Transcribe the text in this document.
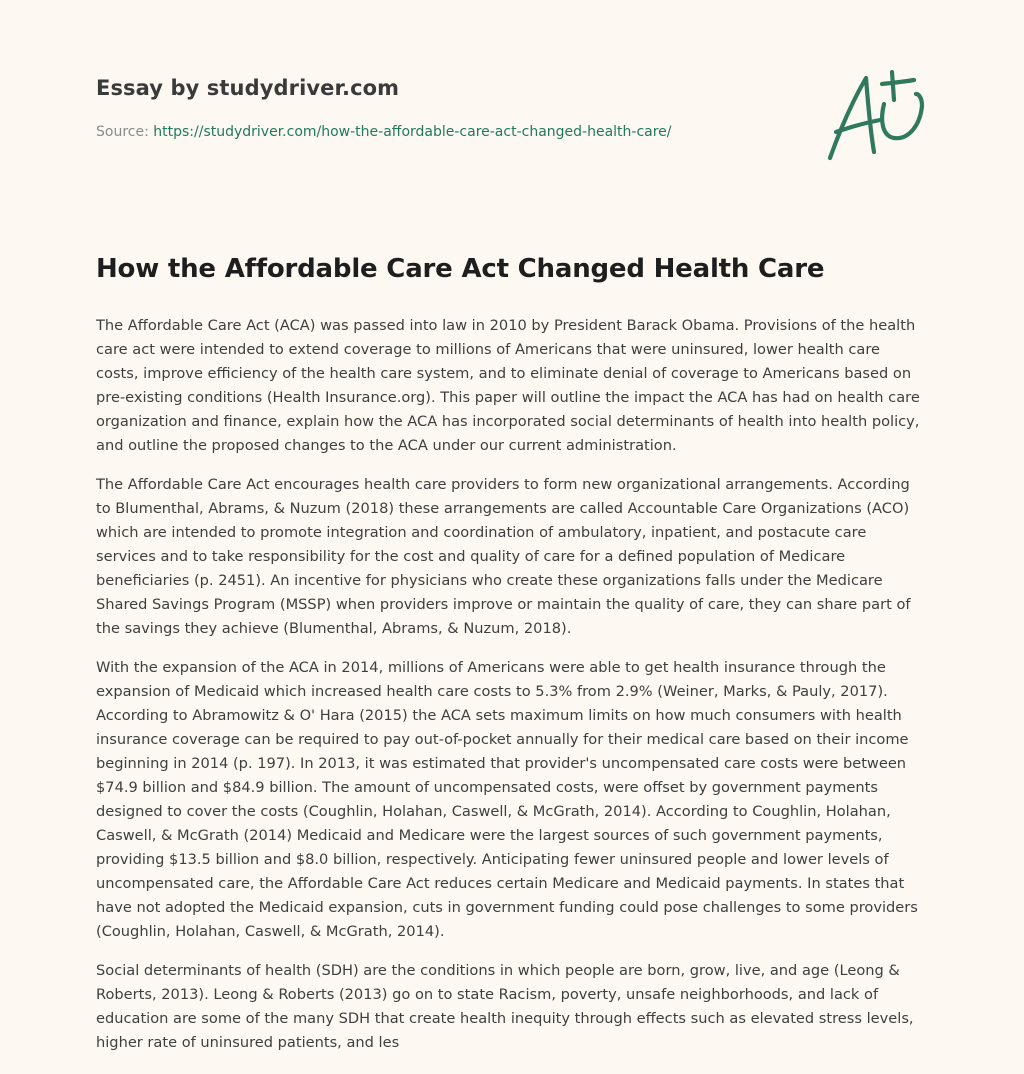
Essay by studydriver.com
Source: https://studydriver.com/how-the-affordable-care-act-changed-health-care/
How the Affordable Care Act Changed Health Care

The Affordable Care Act (ACA) was passed into law in 2010 by President Barack Obama. Provisions of the health care act were intended to extend coverage to millions of Americans that were uninsured, lower health care costs, improve efficiency of the health care system, and to eliminate denial of coverage to Americans based on pre-existing conditions (Health Insurance.org). This paper will outline the impact the ACA has had on health care organization and finance, explain how the ACA has incorporated social determinants of health into health policy, and outline the proposed changes to the ACA under our current administration.

The Affordable Care Act encourages health care providers to form new organizational arrangements. According to Blumenthal, Abrams, & Nuzum (2018) these arrangements are called Accountable Care Organizations (ACO) which are intended to promote integration and coordination of ambulatory, inpatient, and postacute care services and to take responsibility for the cost and quality of care for a defined population of Medicare beneficiaries (p. 2451). An incentive for physicians who create these organizations falls under the Medicare Shared Savings Program (MSSP) when providers improve or maintain the quality of care, they can share part of the savings they achieve (Blumenthal, Abrams, & Nuzum, 2018).

With the expansion of the ACA in 2014, millions of Americans were able to get health insurance through the expansion of Medicaid which increased health care costs to 5.3% from 2.9% (Weiner, Marks, & Pauly, 2017). According to Abramowitz & O' Hara (2015) the ACA sets maximum limits on how much consumers with health insurance coverage can be required to pay out-of-pocket annually for their medical care based on their income beginning in 2014 (p. 197). In 2013, it was estimated that provider's uncompensated care costs were between $74.9 billion and $84.9 billion. The amount of uncompensated costs, were offset by government payments designed to cover the costs (Coughlin, Holahan, Caswell, & McGrath, 2014). According to Coughlin, Holahan, Caswell, & McGrath (2014) Medicaid and Medicare were the largest sources of such government payments, providing $13.5 billion and $8.0 billion, respectively. Anticipating fewer uninsured people and lower levels of uncompensated care, the Affordable Care Act reduces certain Medicare and Medicaid payments. In states that have not adopted the Medicaid expansion, cuts in government funding could pose challenges to some providers (Coughlin, Holahan, Caswell, & McGrath, 2014).

Social determinants of health (SDH) are the conditions in which people are born, grow, live, and age (Leong & Roberts, 2013). Leong & Roberts (2013) go on to state Racism, poverty, unsafe neighborhoods, and lack of education are some of the many SDH that create health inequity through effects such as elevated stress levels, higher rate of uninsured patients, and les
